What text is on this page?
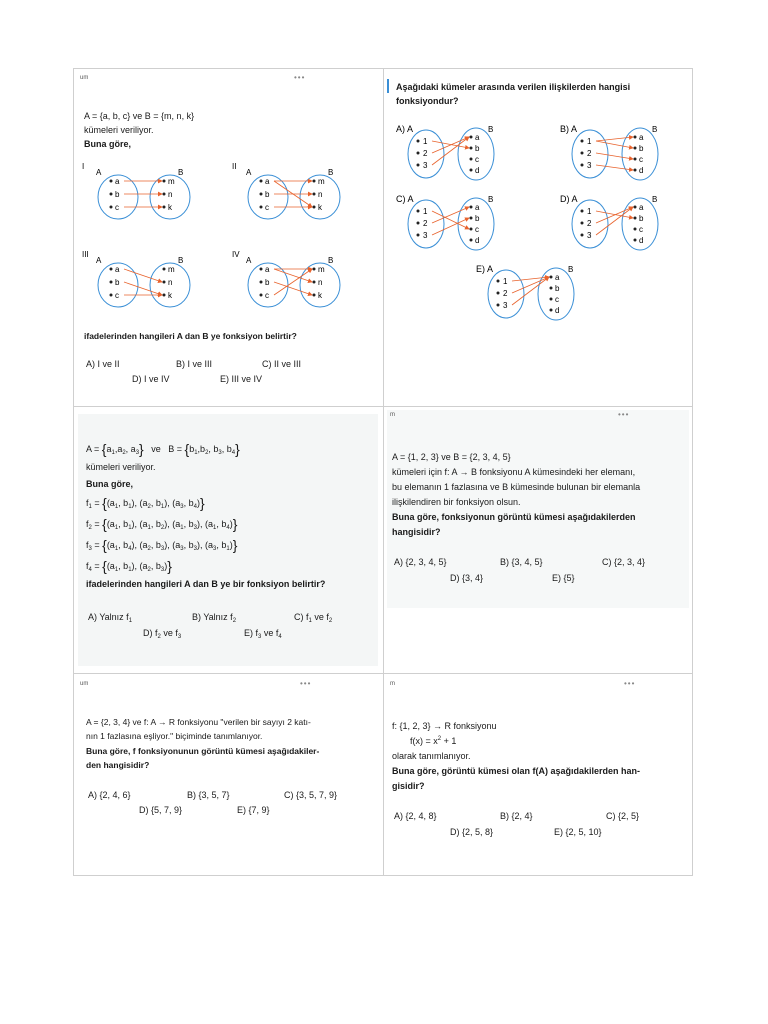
um	•••
A = {a, b, c} ve B = {m, n, k}
kümeleri veriliyor.
Buna göre,
I
A	B
a
b
c
m
n
k
II
A	B
a
b
c
m
n
k
III
A	B
a
b
c
m
n
k
IV
A	B
a
b
c
m
n
k
ifadelerinden hangileri A dan B ye fonksiyon belirtir?
A) I ve II	B) I ve III	C) II ve III
D) I ve IV	E) III ve IV
Aşağıdaki kümeler arasında verilen ilişkilerden hangisi
fonksiyondur?
A) A	B
1
2
3
a
b
c
d
B) A	B
1
2
3
a
b
c
d
C) A	B
1
2
3
a
b
c
d
D) A	B
1
2
3
a
b
c
d
E) A	B
1
2
3
a
b
c
d
$A = \{a_1,a_2$, $a_3$}   ve   $B = \{b_1,b_2$, $b_3$, $b_4$}
kümeleri veriliyor.
Buna göre,
$f_1 = \{(a_1$, $b_1$), ($a_2$, $b_1$), ($a_3$, $b_4$)}
$f_2 = \{(a_1$, $b_1$), ($a_1$, $b_2$), ($a_1$, $b_3$), ($a_1$, $b_4$)}
$f_3 = \{(a_1$, $b_4$), ($a_2$, $b_3$), ($a_3$, $b_3$), ($a_3$, $b_1$)}
$f_4 = \{(a_1$, $b_1$), ($a_2$, $b_3$)}
ifadelerinden hangileri A dan B ye bir fonksiyon belirtir?
A) Yalnız $f_1$	B) Yalnız $f_2$	C) $f_1$ ve $f_2$
D) $f_2$ ve $f_3$	E) $f_3$ ve $f_4$
m	•••
A = {1, 2, 3} ve B = {2, 3, 4, 5}
kümeleri için f: A → B fonksiyonu A kümesindeki her elemanı,
bu elemanın 1 fazlasına ve B kümesinde bulunan bir elemanla
ilişkilendiren bir fonksiyon olsun.
Buna göre, fonksiyonun görüntü kümesi aşağıdakilerden
hangisidir?
A) {2, 3, 4, 5}	B) {3, 4, 5}	C) {2, 3, 4}
D) {3, 4}	E) {5}
um	•••
A = {2, 3, 4} ve f: A → R fonksiyonu "verilen bir sayıyı 2 katı-
nın 1 fazlasına eşliyor." biçiminde tanımlanıyor.
Buna göre, f fonksiyonunun görüntü kümesi aşağıdakiler-
den hangisidir?
A) {2, 4, 6}	B) {3, 5, 7}	C) {3, 5, 7, 9}
D) {5, 7, 9}	E) {7, 9}
m	•••
f: {1, 2, 3} → R fonksiyonu
$f(x) = x^2 + 1$
olarak tanımlanıyor.
Buna göre, görüntü kümesi olan f(A) aşağıdakilerden han-
gisidir?
A) {2, 4, 8}	B) {2, 4}	C) {2, 5}
D) {2, 5, 8}	E) {2, 5, 10}
